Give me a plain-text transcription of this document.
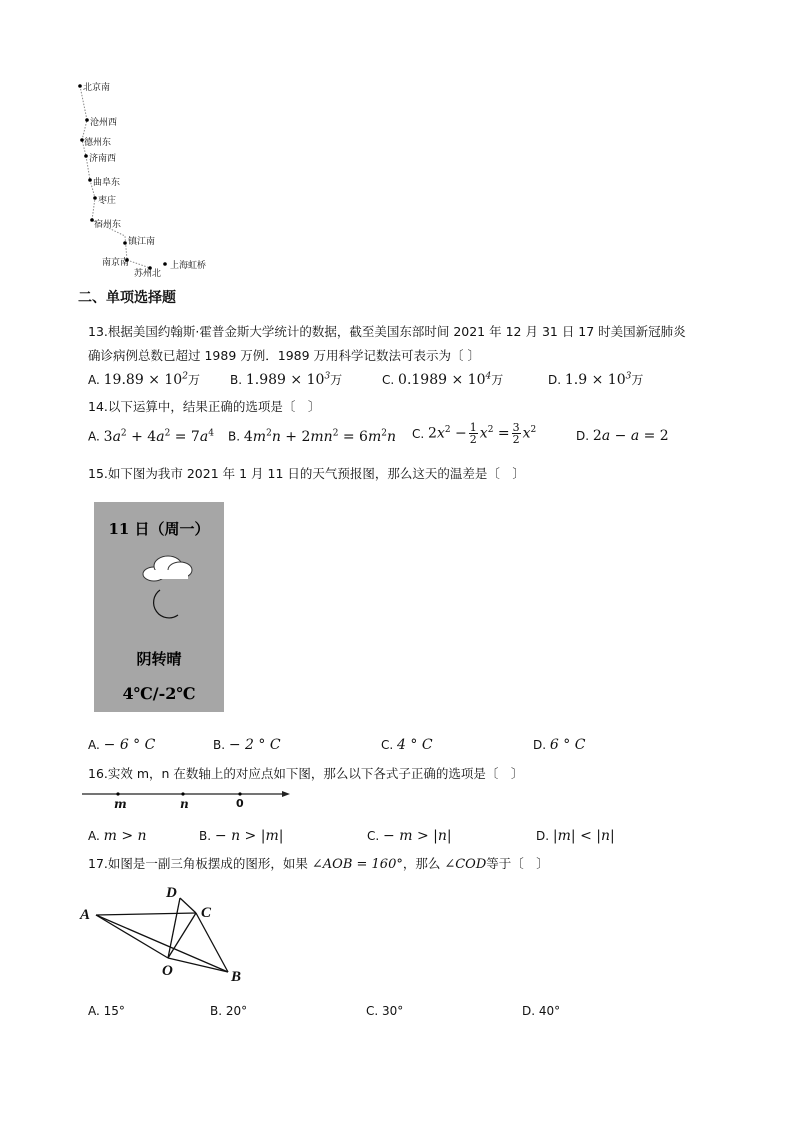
北京南
沧州西
德州东
济南西
曲阜东
枣庄
宿州东
镇江南
南京南
苏州北
上海虹桥
二、单项选择题
13.根据美国约翰斯·霍普金斯大学统计的数据，截至美国东部时间 2021 年 12 月 31 日 17 时美国新冠肺炎
确诊病例总数已超过 1989 万例．1989 万用科学记数法可表示为〔 〕
A. $19.89 \times 10^2$万	B. $1.989 \times 10^3$万	C. $0.1989 \times 10^4$万	D. $1.9 \times 10^3$万
14.以下运算中，结果正确的选项是〔　〕
A. $3a^2 + 4a^2 = 7a^4$ B. $4m^2n + 2mn^2 = 6m^2n$ C. $2x^2 - \frac{1}{2} x^2 = \frac{3}{2} x^2$	D. 2a − a = 2
15.如下图为我市 2021 年 1 月 11 日的天气预报图，那么这天的温差是〔　〕
11 日（周一）
阴转晴
4℃/-2℃
A. − 6 ° C	B. − 2 ° C	C. 4 ° C	D. 6 ° C
16.实效 m，n 在数轴上的对应点如下图，那么以下各式子正确的选项是〔　〕
m	n	0
A. m > n	B. − n > |m|	C. − m > |n|	D. |m| < |n|
17.如图是一副三角板摆成的图形，如果 ∠AOB = 160°，那么 ∠COD等于〔　〕
A
D
C
O	B
A. 15°	B. 20°	C. 30°	D. 40°
